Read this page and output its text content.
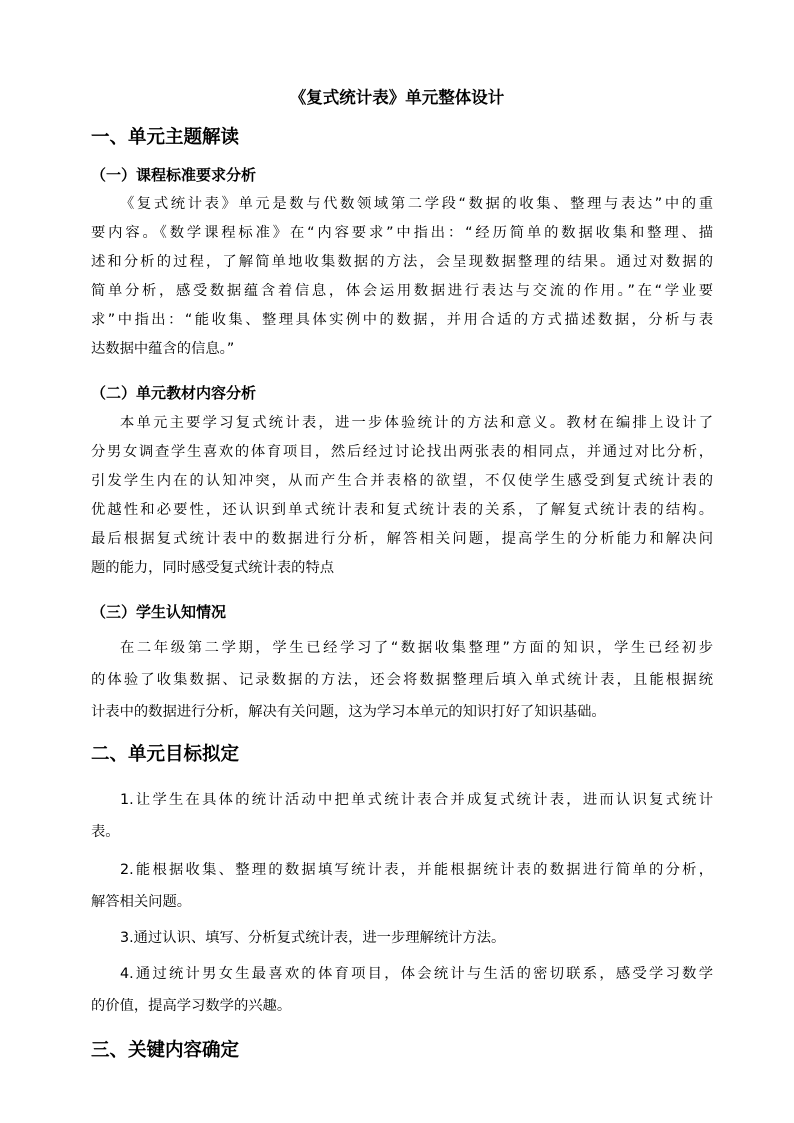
《复式统计表》单元整体设计
一、单元主题解读
（一）课程标准要求分析
《复式统计表》单元是数与代数领域第二学段“数据的收集、整理与表达”中的重
要内容。《数学课程标准》在“内容要求”中指出：“经历简单的数据收集和整理、描
述和分析的过程，了解简单地收集数据的方法，会呈现数据整理的结果。通过对数据的
简单分析，感受数据蕴含着信息，体会运用数据进行表达与交流的作用。”在“学业要
求”中指出：“能收集、整理具体实例中的数据，并用合适的方式描述数据，分析与表
达数据中蕴含的信息。”
（二）单元教材内容分析
本单元主要学习复式统计表，进一步体验统计的方法和意义。教材在编排上设计了
分男女调查学生喜欢的体育项目，然后经过讨论找出两张表的相同点，并通过对比分析，
引发学生内在的认知冲突，从而产生合并表格的欲望，不仅使学生感受到复式统计表的
优越性和必要性，还认识到单式统计表和复式统计表的关系，了解复式统计表的结构。
最后根据复式统计表中的数据进行分析，解答相关问题，提高学生的分析能力和解决问
题的能力，同时感受复式统计表的特点
（三）学生认知情况
在二年级第二学期，学生已经学习了“数据收集整理”方面的知识，学生已经初步
的体验了收集数据、记录数据的方法，还会将数据整理后填入单式统计表，且能根据统
计表中的数据进行分析，解决有关问题，这为学习本单元的知识打好了知识基础。
二、单元目标拟定
1.让学生在具体的统计活动中把单式统计表合并成复式统计表，进而认识复式统计
表。
2.能根据收集、整理的数据填写统计表，并能根据统计表的数据进行简单的分析，
解答相关问题。
3.通过认识、填写、分析复式统计表，进一步理解统计方法。
4.通过统计男女生最喜欢的体育项目，体会统计与生活的密切联系，感受学习数学
的价值，提高学习数学的兴趣。
三、关键内容确定
